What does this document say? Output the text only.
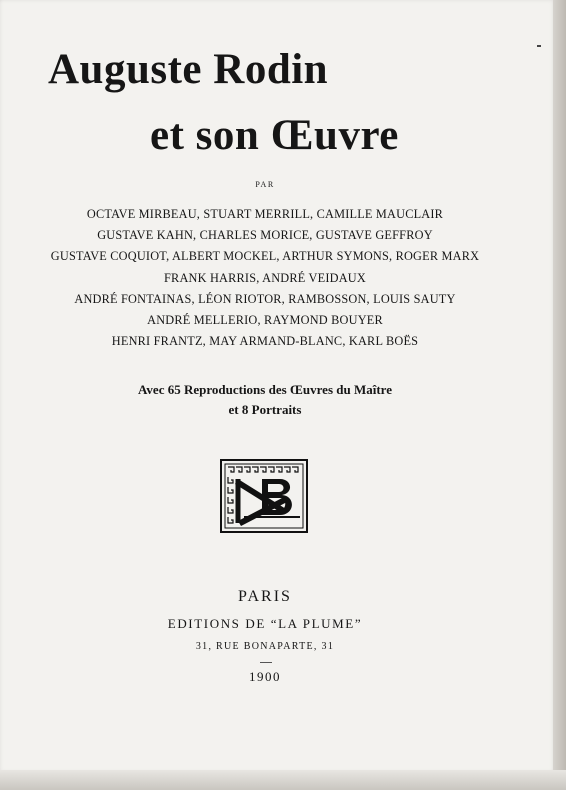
Auguste Rodin
et son Œuvre
PAR
OCTAVE MIRBEAU, STUART MERRILL, CAMILLE MAUCLAIR
GUSTAVE KAHN, CHARLES MORICE, GUSTAVE GEFFROY
GUSTAVE COQUIOT, ALBERT MOCKEL, ARTHUR SYMONS, ROGER MARX
FRANK HARRIS, ANDRÉ VEIDAUX
ANDRÉ FONTAINAS, LÉON RIOTOR, RAMBOSSON, LOUIS SAUTY
ANDRÉ MELLERIO, RAYMOND BOUYER
HENRI FRANTZ, MAY ARMAND-BLANC, KARL BOËS
Avec 65 Reproductions des Œuvres du Maître
et 8 Portraits
PARIS
EDITIONS DE “LA PLUME”
31, RUE BONAPARTE, 31
1900
